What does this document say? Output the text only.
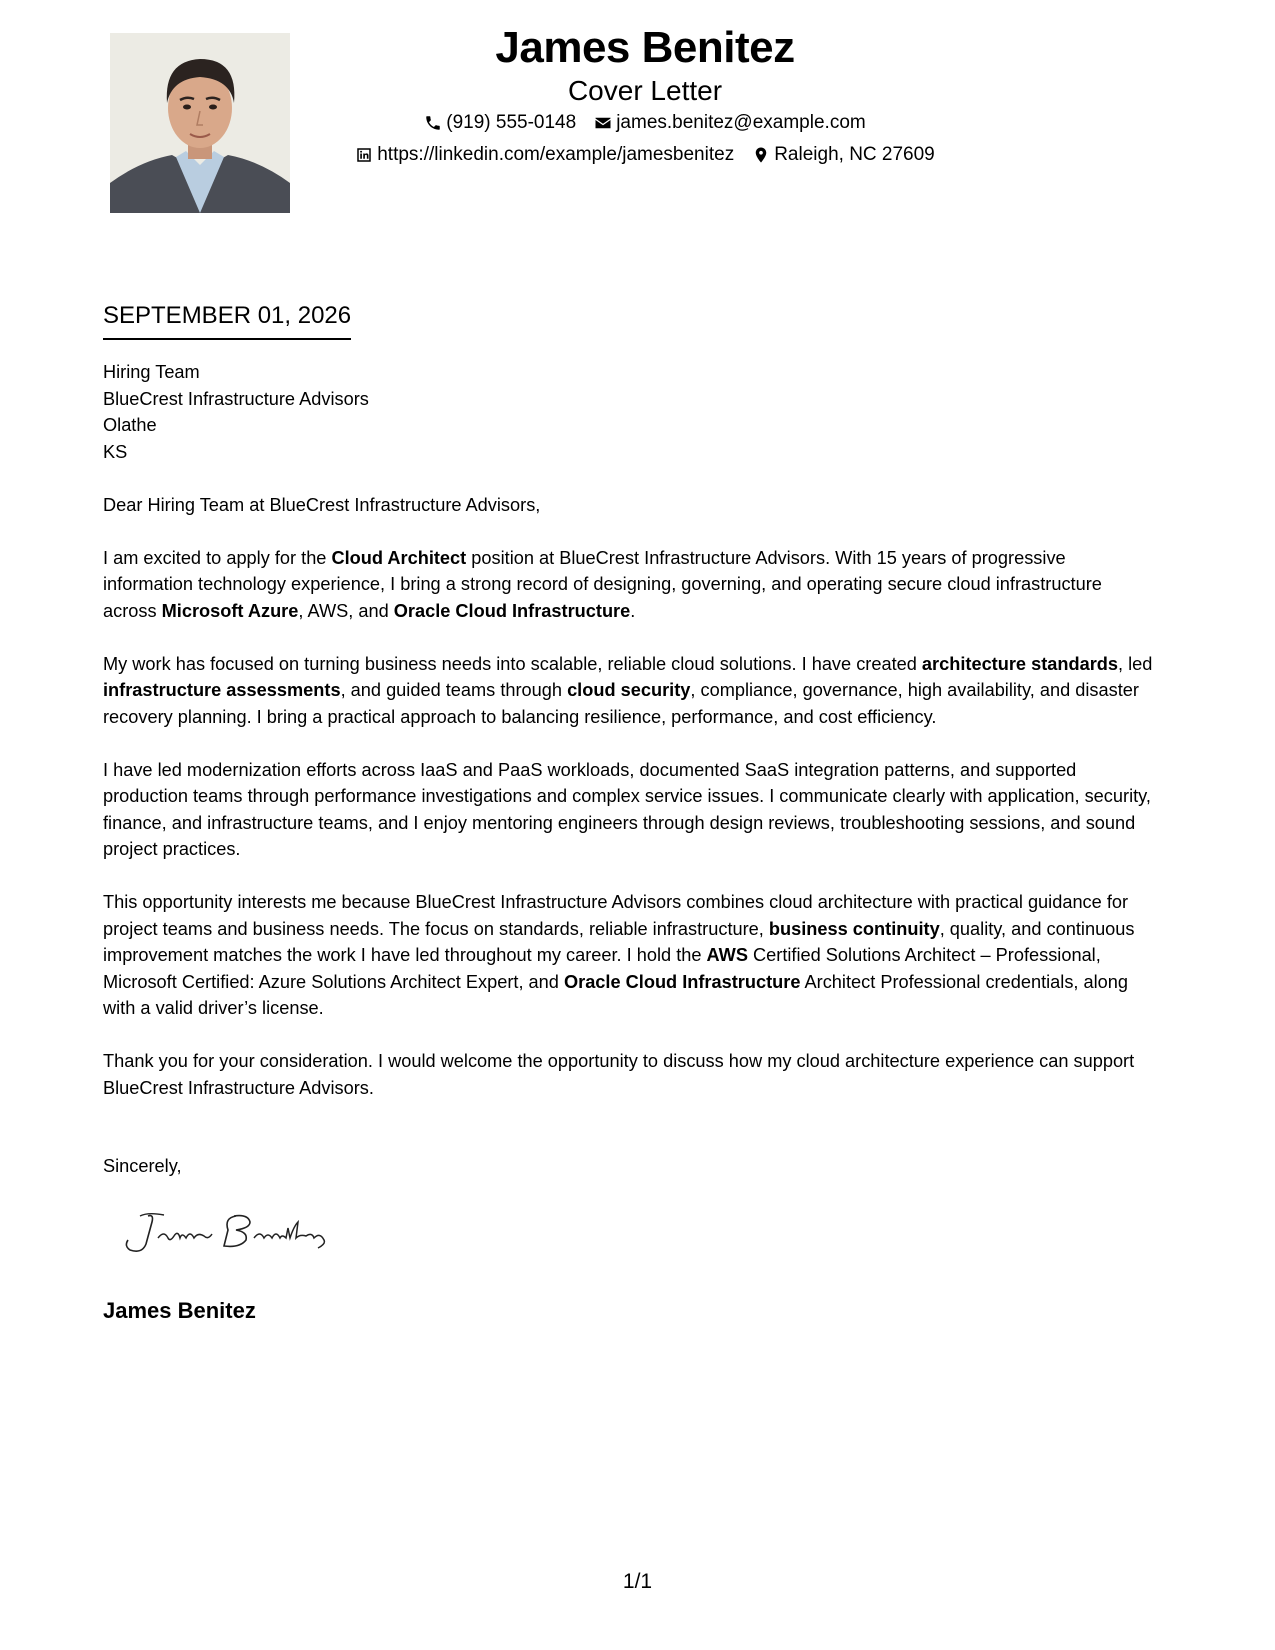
James Benitez
Cover Letter
(919) 555-0148 james.benitez@example.com
https://linkedin.com/example/jamesbenitez Raleigh, NC 27609
SEPTEMBER 01, 2026

Hiring Team
BlueCrest Infrastructure Advisors
Olathe
KS

Dear Hiring Team at BlueCrest Infrastructure Advisors,

I am excited to apply for the Cloud Architect position at BlueCrest Infrastructure Advisors. With 15 years of progressive information technology experience, I bring a strong record of designing, governing, and operating secure cloud infrastructure across Microsoft Azure, AWS, and Oracle Cloud Infrastructure.

My work has focused on turning business needs into scalable, reliable cloud solutions. I have created architecture standards, led infrastructure assessments, and guided teams through cloud security, compliance, governance, high availability, and disaster recovery planning. I bring a practical approach to balancing resilience, performance, and cost efficiency.

I have led modernization efforts across IaaS and PaaS workloads, documented SaaS integration patterns, and supported production teams through performance investigations and complex service issues. I communicate clearly with application, security, finance, and infrastructure teams, and I enjoy mentoring engineers through design reviews, troubleshooting sessions, and sound project practices.

This opportunity interests me because BlueCrest Infrastructure Advisors combines cloud architecture with practical guidance for project teams and business needs. The focus on standards, reliable infrastructure, business continuity, quality, and continuous improvement matches the work I have led throughout my career. I hold the AWS Certified Solutions Architect – Professional, Microsoft Certified: Azure Solutions Architect Expert, and Oracle Cloud Infrastructure Architect Professional credentials, along with a valid driver’s license.

Thank you for your consideration. I would welcome the opportunity to discuss how my cloud architecture experience can support BlueCrest Infrastructure Advisors.

Sincerely,

James Benitez
1/1
